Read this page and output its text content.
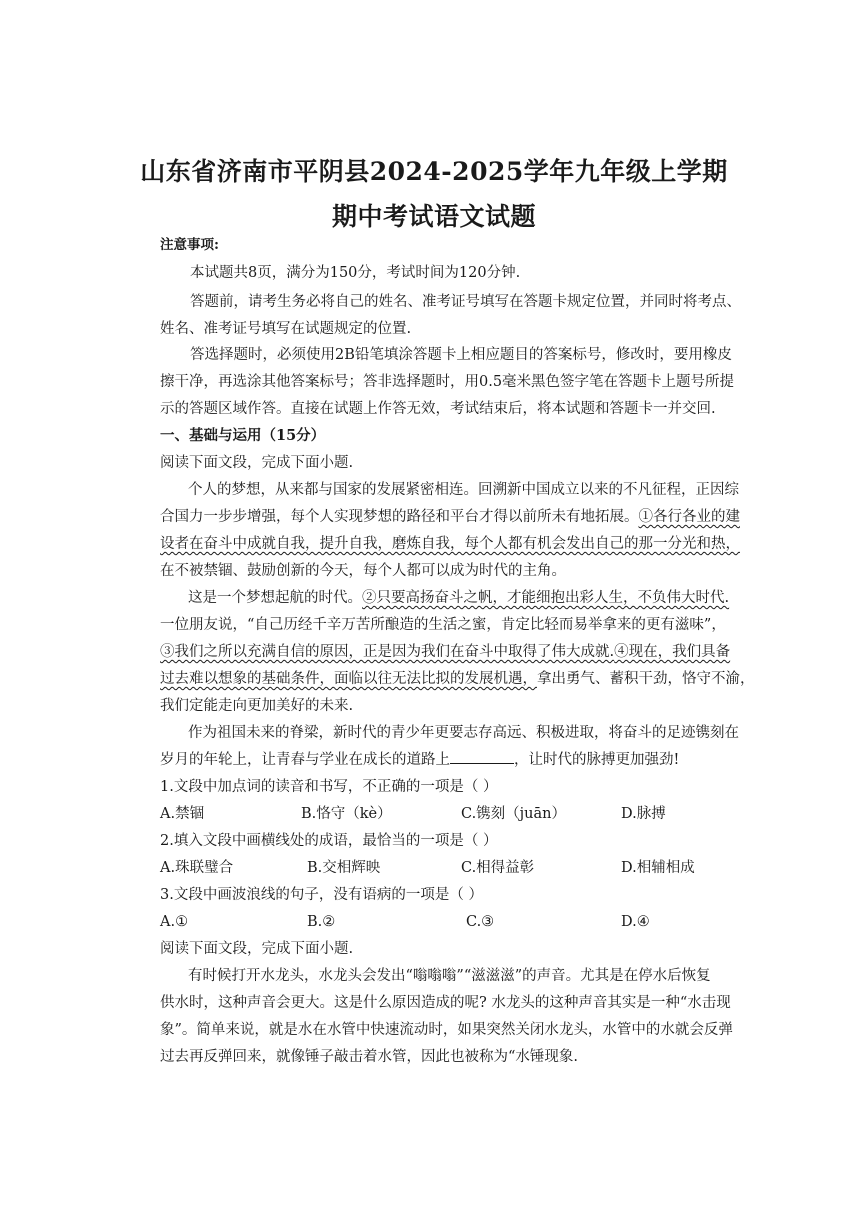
山东省济南市平阴县2024-2025学年九年级上学期
期中考试语文试题
注意事项:
本试题共8页，满分为150分，考试时间为120分钟.
答题前，请考生务必将自己的姓名、准考证号填写在答题卡规定位置，并同时将考点、
姓名、准考证号填写在试题规定的位置.
答选择题时，必须使用2B铅笔填涂答题卡上相应题目的答案标号，修改时，要用橡皮
擦干净，再选涂其他答案标号；答非选择题时，用0.5毫米黑色签字笔在答题卡上题号所提
示的答题区域作答。直接在试题上作答无效，考试结束后，将本试题和答题卡一并交回.
一、基础与运用（15分）
阅读下面文段，完成下面小题.
个人的梦想，从来都与国家的发展紧密相连。回溯新中国成立以来的不凡征程，正因综
合国力一步步增强，每个人实现梦想的路径和平台才得以前所未有地拓展。①各行各业的建
设者在奋斗中成就自我，提升自我，磨炼自我，每个人都有机会发出自己的那一分光和热，
在不被禁锢、鼓励创新的今天，每个人都可以成为时代的主角。
这是一个梦想起航的时代。②只要高扬奋斗之帆，才能细抱出彩人生，不负伟大时代.
一位朋友说，“自己历经千辛万苦所酿造的生活之蜜，肯定比轻而易举拿来的更有滋味”，
③我们之所以充满自信的原因，正是因为我们在奋斗中取得了伟大成就.④现在，我们具备
过去难以想象的基础条件，面临以往无法比拟的发展机遇，拿出勇气、蓄积干劲，恪守不渝，
我们定能走向更加美好的未来.
作为祖国未来的脊梁，新时代的青少年更要志存高远、积极进取，将奋斗的足迹镌刻在
岁月的年轮上，让青春与学业在成长的道路上	，让时代的脉搏更加强劲!
1.文段中加点词的读音和书写，不正确的一项是（ ）
A.禁锢	B.恪守（kè）	C.镌刻（juān）	D.脉搏
2.填入文段中画横线处的成语，最恰当的一项是（ ）
A.珠联璧合	B.交相辉映	C.相得益彰	D.相辅相成
3.文段中画波浪线的句子，没有语病的一项是（ ）
A.①	B.②	C.③	D.④
阅读下面文段，完成下面小题.
有时候打开水龙头，水龙头会发出“嗡嗡嗡”“滋滋滋”的声音。尤其是在停水后恢复
供水时，这种声音会更大。这是什么原因造成的呢? 水龙头的这种声音其实是一种“水击现
象”。简单来说，就是水在水管中快速流动时，如果突然关闭水龙头，水管中的水就会反弹
过去再反弹回来，就像锤子敲击着水管，因此也被称为“水锤现象.
